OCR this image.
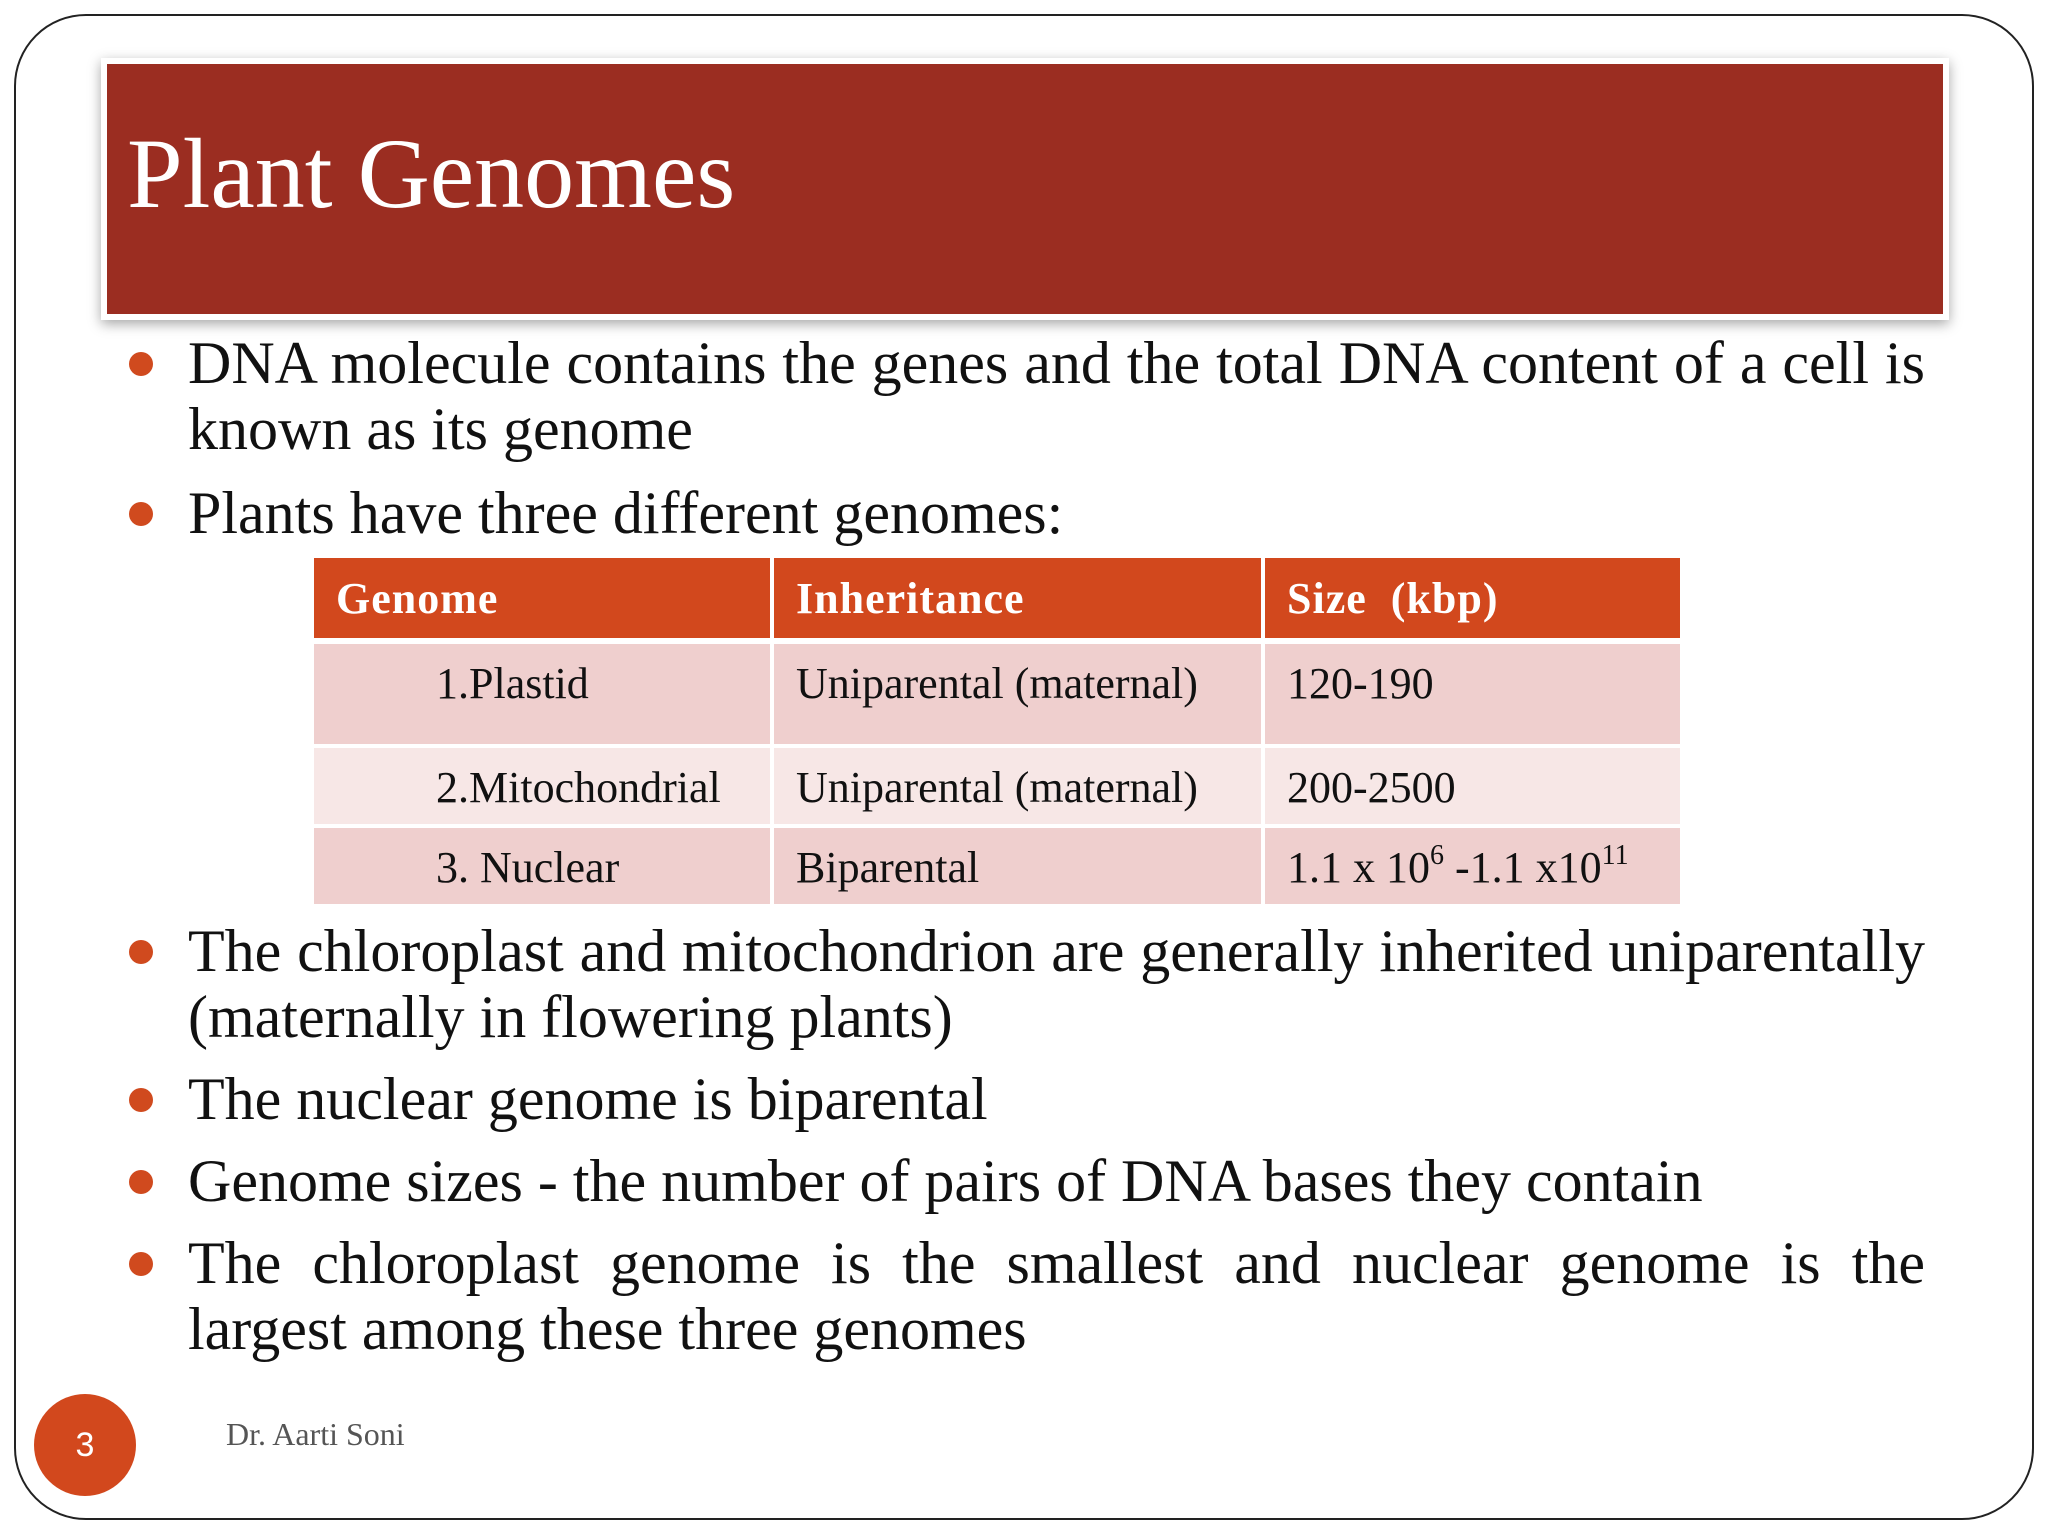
Plant Genomes
DNA molecule contains the genes and the total DNA content of a cell is known as its genome
Plants have three different genomes:
Genome	Inheritance	Size  (kbp)
1.Plastid	Uniparental (maternal)	120-190
2.Mitochondrial	Uniparental (maternal)	200-2500
3. Nuclear	Biparental	1.1 x $10^6$ -1.1 $x10^{11}$
The chloroplast and mitochondrion are generally inherited uniparentally (maternally in flowering plants)
The nuclear genome is biparental
Genome sizes - the number of pairs of DNA bases they contain
The chloroplast genome is the smallest and nuclear genome is the largest among these three genomes
3	Dr. Aarti Soni
